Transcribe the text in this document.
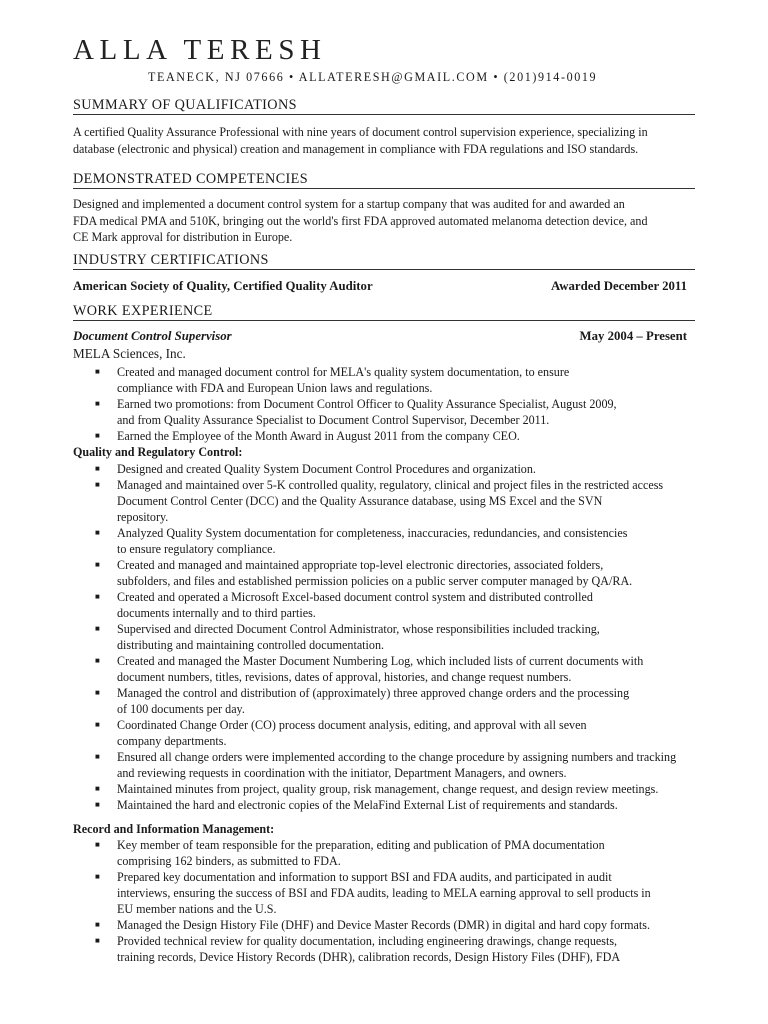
ALLA TERESH
TEANECK, NJ 07666 • ALLATERESH@GMAIL.COM • (201)914-0019
SUMMARY OF QUALIFICATIONS
A certified Quality Assurance Professional with nine years of document control supervision experience, specializing in
database (electronic and physical) creation and management in compliance with FDA regulations and ISO standards.
DEMONSTRATED COMPETENCIES
Designed and implemented a document control system for a startup company that was audited for and awarded an
FDA medical PMA and 510K, bringing out the world's first FDA approved automated melanoma detection device, and
CE Mark approval for distribution in Europe.
INDUSTRY CERTIFICATIONS
American Society of Quality, Certified Quality Auditor	Awarded December 2011
WORK EXPERIENCE
Document Control Supervisor	May 2004 – Present
MELA Sciences, Inc.
■ Created and managed document control for MELA's quality system documentation, to ensure
compliance with FDA and European Union laws and regulations.
■ Earned two promotions: from Document Control Officer to Quality Assurance Specialist, August 2009,
and from Quality Assurance Specialist to Document Control Supervisor, December 2011.
■ Earned the Employee of the Month Award in August 2011 from the company CEO.
Quality and Regulatory Control:
■ Designed and created Quality System Document Control Procedures and organization.
■ Managed and maintained over 5-K controlled quality, regulatory, clinical and project files in the restricted access
Document Control Center (DCC) and the Quality Assurance database, using MS Excel and the SVN
repository.
■ Analyzed Quality System documentation for completeness, inaccuracies, redundancies, and consistencies
to ensure regulatory compliance.
■ Created and managed and maintained appropriate top-level electronic directories, associated folders,
subfolders, and files and established permission policies on a public server computer managed by QA/RA.
■ Created and operated a Microsoft Excel-based document control system and distributed controlled
documents internally and to third parties.
■ Supervised and directed Document Control Administrator, whose responsibilities included tracking,
distributing and maintaining controlled documentation.
■ Created and managed the Master Document Numbering Log, which included lists of current documents with
document numbers, titles, revisions, dates of approval, histories, and change request numbers.
■ Managed the control and distribution of (approximately) three approved change orders and the processing
of 100 documents per day.
■ Coordinated Change Order (CO) process document analysis, editing, and approval with all seven
company departments.
■ Ensured all change orders were implemented according to the change procedure by assigning numbers and tracking
and reviewing requests in coordination with the initiator, Department Managers, and owners.
■ Maintained minutes from project, quality group, risk management, change request, and design review meetings.
■ Maintained the hard and electronic copies of the MelaFind External List of requirements and standards.
Record and Information Management:
■ Key member of team responsible for the preparation, editing and publication of PMA documentation
comprising 162 binders, as submitted to FDA.
■ Prepared key documentation and information to support BSI and FDA audits, and participated in audit
interviews, ensuring the success of BSI and FDA audits, leading to MELA earning approval to sell products in
EU member nations and the U.S.
■ Managed the Design History File (DHF) and Device Master Records (DMR) in digital and hard copy formats.
■ Provided technical review for quality documentation, including engineering drawings, change requests,
training records, Device History Records (DHR), calibration records, Design History Files (DHF), FDA
